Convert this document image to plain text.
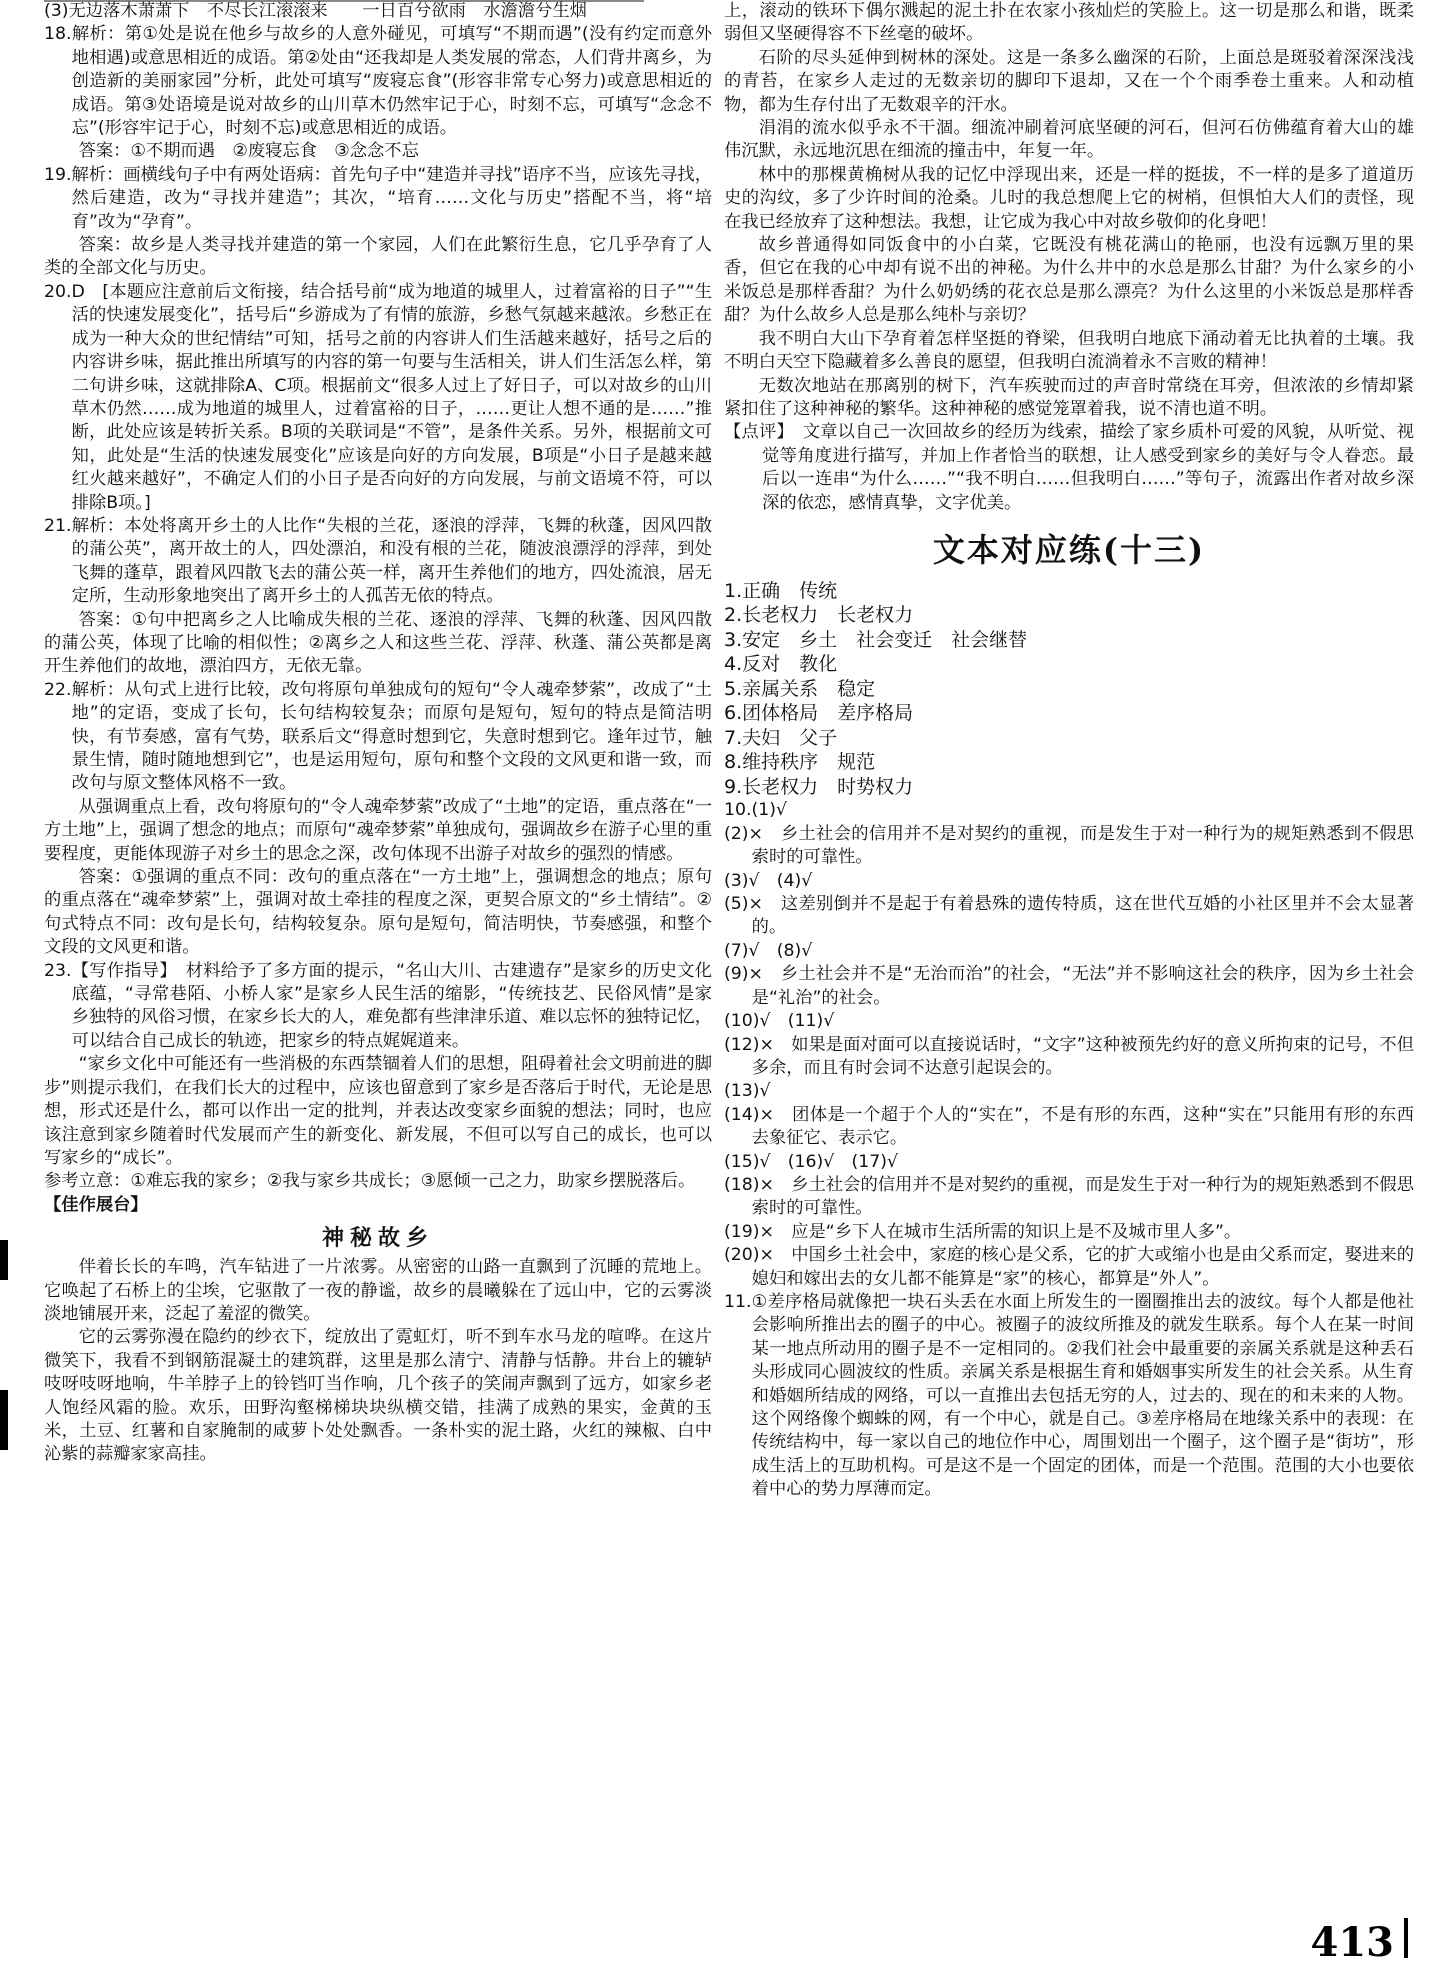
(3)无边落木萧萧下　不尽长江滚滚来　　一日百兮欲雨　水澹澹兮生烟

18.解析：第①处是说在他乡与故乡的人意外碰见，可填写“不期而遇”(没有约定而意外地相遇)或意思相近的成语。第②处由“还我却是人类发展的常态，人们背井离乡，为创造新的美丽家园”分析，此处可填写“废寝忘食”(形容非常专心努力)或意思相近的成语。第③处语境是说对故乡的山川草木仍然牢记于心，时刻不忘，可填写“念念不忘”(形容牢记于心，时刻不忘)或意思相近的成语。

答案：①不期而遇　②废寝忘食　③念念不忘

19.解析：画横线句子中有两处语病：首先句子中“建造并寻找”语序不当，应该先寻找，然后建造，改为“寻找并建造”；其次，“培育……文化与历史”搭配不当，将“培育”改为“孕育”。

答案：故乡是人类寻找并建造的第一个家园，人们在此繁衍生息，它几乎孕育了人类的全部文化与历史。

20.D　[本题应注意前后文衔接，结合括号前“成为地道的城里人，过着富裕的日子”“生活的快速发展变化”，括号后“乡游成为了有情的旅游，乡愁气氛越来越浓。乡愁正在成为一种大众的世纪情结”可知，括号之前的内容讲人们生活越来越好，括号之后的内容讲乡味，据此推出所填写的内容的第一句要与生活相关，讲人们生活怎么样，第二句讲乡味，这就排除A、C项。根据前文“很多人过上了好日子，可以对故乡的山川草木仍然……成为地道的城里人，过着富裕的日子，……更让人想不通的是……”推断，此处应该是转折关系。B项的关联词是“不管”，是条件关系。另外，根据前文可知，此处是“生活的快速发展变化”应该是向好的方向发展，B项是“小日子是越来越红火越来越好”，不确定人们的小日子是否向好的方向发展，与前文语境不符，可以排除B项。]

21.解析：本处将离开乡土的人比作“失根的兰花，逐浪的浮萍，飞舞的秋蓬，因风四散的蒲公英”，离开故土的人，四处漂泊，和没有根的兰花，随波浪漂浮的浮萍，到处飞舞的蓬草，跟着风四散飞去的蒲公英一样，离开生养他们的地方，四处流浪，居无定所，生动形象地突出了离开乡土的人孤苦无依的特点。

答案：①句中把离乡之人比喻成失根的兰花、逐浪的浮萍、飞舞的秋蓬、因风四散的蒲公英，体现了比喻的相似性；②离乡之人和这些兰花、浮萍、秋蓬、蒲公英都是离开生养他们的故地，漂泊四方，无依无靠。

22.解析：从句式上进行比较，改句将原句单独成句的短句“令人魂牵梦萦”，改成了“土地”的定语，变成了长句，长句结构较复杂；而原句是短句，短句的特点是简洁明快，有节奏感，富有气势，联系后文“得意时想到它，失意时想到它。逢年过节，触景生情，随时随地想到它”，也是运用短句，原句和整个文段的文风更和谐一致，而改句与原文整体风格不一致。

从强调重点上看，改句将原句的“令人魂牵梦萦”改成了“土地”的定语，重点落在“一方土地”上，强调了想念的地点；而原句“魂牵梦萦”单独成句，强调故乡在游子心里的重要程度，更能体现游子对乡土的思念之深，改句体现不出游子对故乡的强烈的情感。

答案：①强调的重点不同：改句的重点落在“一方土地”上，强调想念的地点；原句的重点落在“魂牵梦萦”上，强调对故土牵挂的程度之深，更契合原文的“乡土情结”。②句式特点不同：改句是长句，结构较复杂。原句是短句，简洁明快，节奏感强，和整个文段的文风更和谐。

23.【写作指导】　材料给予了多方面的提示，“名山大川、古建遗存”是家乡的历史文化底蕴，“寻常巷陌、小桥人家”是家乡人民生活的缩影，“传统技艺、民俗风情”是家乡独特的风俗习惯，在家乡长大的人，难免都有些津津乐道、难以忘怀的独特记忆，可以结合自己成长的轨迹，把家乡的特点娓娓道来。

“家乡文化中可能还有一些消极的东西禁锢着人们的思想，阻碍着社会文明前进的脚步”则提示我们，在我们长大的过程中，应该也留意到了家乡是否落后于时代，无论是思想，形式还是什么，都可以作出一定的批判，并表达改变家乡面貌的想法；同时，也应该注意到家乡随着时代发展而产生的新变化、新发展，不但可以写自己的成长，也可以写家乡的“成长”。

参考立意：①难忘我的家乡；②我与家乡共成长；③愿倾一己之力，助家乡摆脱落后。

【佳作展台】

神秘故乡

伴着长长的车鸣，汽车钻进了一片浓雾。从密密的山路一直飘到了沉睡的荒地上。它唤起了石桥上的尘埃，它驱散了一夜的静谧，故乡的晨曦躲在了远山中，它的云雾淡淡地铺展开来，泛起了羞涩的微笑。

它的云雾弥漫在隐约的纱衣下，绽放出了霓虹灯，听不到车水马龙的喧哗。在这片微笑下，我看不到钢筋混凝土的建筑群，这里是那么清宁、清静与恬静。井台上的辘轳吱呀吱呀地响，牛羊脖子上的铃铛叮当作响，几个孩子的笑闹声飘到了远方，如家乡老人饱经风霜的脸。欢乐，田野沟壑梯梯块块纵横交错，挂满了成熟的果实，金黄的玉米，土豆、红薯和自家腌制的咸萝卜处处飘香。一条朴实的泥土路，火红的辣椒、白中沁紫的蒜瓣家家高挂。

上，滚动的铁环下偶尔溅起的泥土扑在农家小孩灿烂的笑脸上。这一切是那么和谐，既柔弱但又坚硬得容不下丝毫的破坏。

石阶的尽头延伸到树林的深处。这是一条多么幽深的石阶，上面总是斑驳着深深浅浅的青苔，在家乡人走过的无数亲切的脚印下退却，又在一个个雨季卷土重来。人和动植物，都为生存付出了无数艰辛的汗水。

涓涓的流水似乎永不干涸。细流冲刷着河底坚硬的河石，但河石仿佛蕴育着大山的雄伟沉默，永远地沉思在细流的撞击中，年复一年。

林中的那棵黄桷树从我的记忆中浮现出来，还是一样的挺拔，不一样的是多了道道历史的沟纹，多了少许时间的沧桑。儿时的我总想爬上它的树梢，但惧怕大人们的责怪，现在我已经放弃了这种想法。我想，让它成为我心中对故乡敬仰的化身吧！

故乡普通得如同饭食中的小白菜，它既没有桃花满山的艳丽，也没有远飘万里的果香，但它在我的心中却有说不出的神秘。为什么井中的水总是那么甘甜？为什么家乡的小米饭总是那样香甜？为什么奶奶绣的花衣总是那么漂亮？为什么这里的小米饭总是那样香甜？为什么故乡人总是那么纯朴与亲切？

我不明白大山下孕育着怎样坚挺的脊梁，但我明白地底下涌动着无比执着的土壤。我不明白天空下隐藏着多么善良的愿望，但我明白流淌着永不言败的精神！

无数次地站在那离别的树下，汽车疾驶而过的声音时常绕在耳旁，但浓浓的乡情却紧紧扣住了这种神秘的繁华。这种神秘的感觉笼罩着我，说不清也道不明。

【点评】　文章以自己一次回故乡的经历为线索，描绘了家乡质朴可爱的风貌，从听觉、视觉等角度进行描写，并加上作者恰当的联想，让人感受到家乡的美好与令人眷恋。最后以一连串“为什么……”“我不明白……但我明白……”等句子，流露出作者对故乡深深的依恋，感情真挚，文字优美。

文本对应练(十三)

1.正确　传统

2.长老权力　长老权力

3.安定　乡土　社会变迁　社会继替

4.反对　教化

5.亲属关系　稳定

6.团体格局　差序格局

7.夫妇　父子

8.维持秩序　规范

9.长老权力　时势权力

10.(1)√

(2)×　乡土社会的信用并不是对契约的重视，而是发生于对一种行为的规矩熟悉到不假思索时的可靠性。

(3)√　(4)√

(5)×　这差别倒并不是起于有着悬殊的遗传特质，这在世代互婚的小社区里并不会太显著的。

(7)√　(8)√

(9)×　乡土社会并不是“无治而治”的社会，“无法”并不影响这社会的秩序，因为乡土社会是“礼治”的社会。

(10)√　(11)√

(12)×　如果是面对面可以直接说话时，“文字”这种被预先约好的意义所拘束的记号，不但多余，而且有时会词不达意引起误会的。

(13)√

(14)×　团体是一个超于个人的“实在”，不是有形的东西，这种“实在”只能用有形的东西去象征它、表示它。

(15)√　(16)√　(17)√

(18)×　乡土社会的信用并不是对契约的重视，而是发生于对一种行为的规矩熟悉到不假思索时的可靠性。

(19)×　应是“乡下人在城市生活所需的知识上是不及城市里人多”。

(20)×　中国乡土社会中，家庭的核心是父系，它的扩大或缩小也是由父系而定，娶进来的媳妇和嫁出去的女儿都不能算是“家”的核心，都算是“外人”。

11.①差序格局就像把一块石头丢在水面上所发生的一圈圈推出去的波纹。每个人都是他社会影响所推出去的圈子的中心。被圈子的波纹所推及的就发生联系。每个人在某一时间某一地点所动用的圈子是不一定相同的。②我们社会中最重要的亲属关系就是这种丢石头形成同心圆波纹的性质。亲属关系是根据生育和婚姻事实所发生的社会关系。从生育和婚姻所结成的网络，可以一直推出去包括无穷的人，过去的、现在的和未来的人物。这个网络像个蜘蛛的网，有一个中心，就是自己。③差序格局在地缘关系中的表现：在传统结构中，每一家以自己的地位作中心，周围划出一个圈子，这个圈子是“街坊”，形成生活上的互助机构。可是这不是一个固定的团体，而是一个范围。范围的大小也要依着中心的势力厚薄而定。

413
